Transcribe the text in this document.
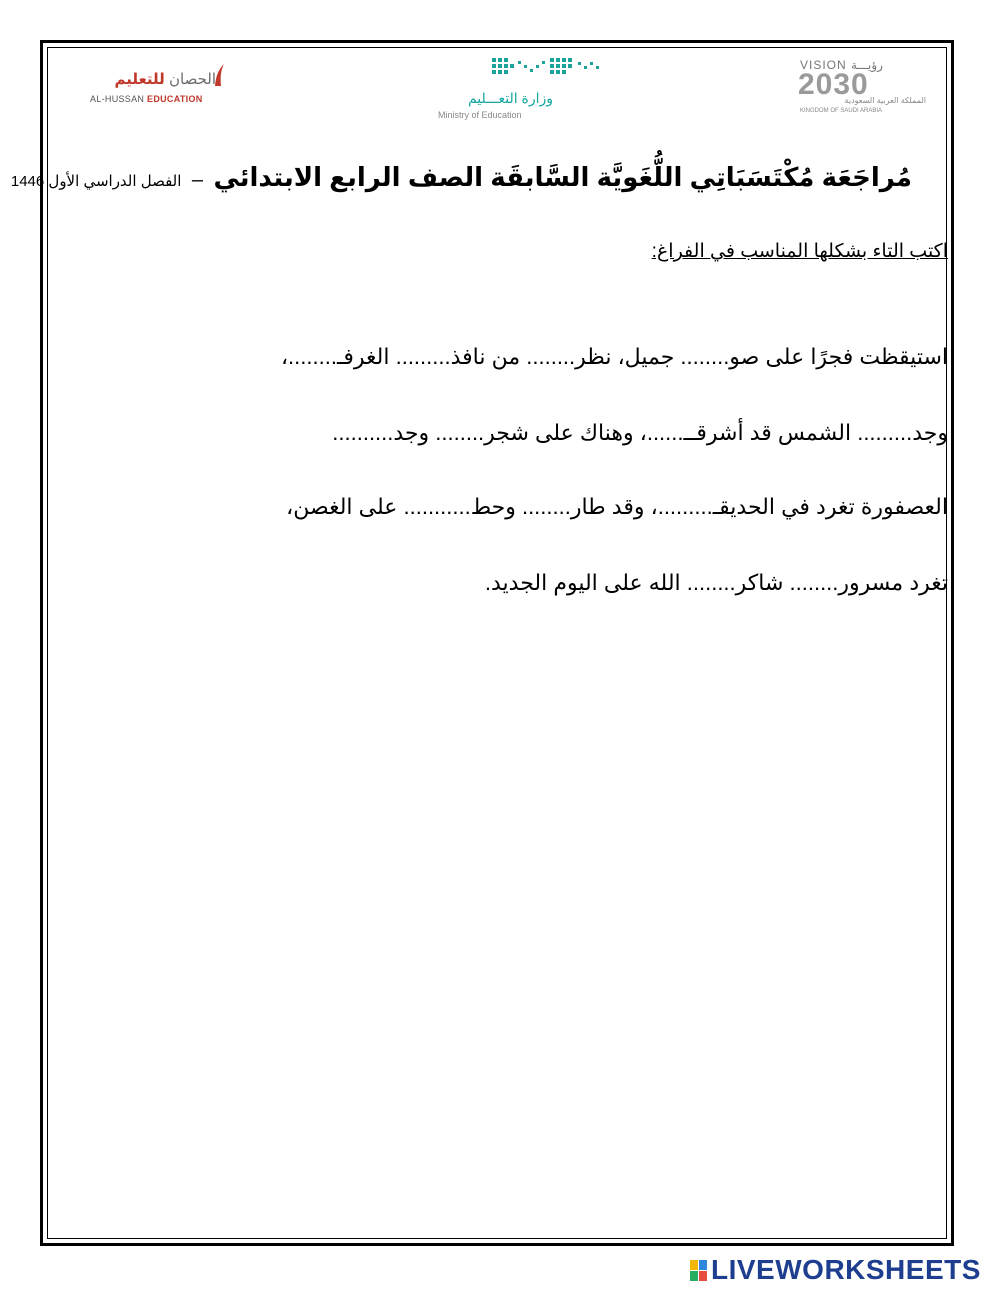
الحصان للتعليم
AL-HUSSAN EDUCATION	وزارة التعـــليم
Ministry of Education
VISION رؤيـــة
2030
المملكة العربية السعودية
KINGDOM OF SAUDI ARABIA
مُراجَعَة مُكْتَسَبَاتِي اللُّغَويَّة السَّابقَة الصف الرابع الابتدائي – الفصل الدراسي الأول 1446
اكتب التاء بشكلها المناسب في الفراغ:
استيقظت فجرًا على صو........ جميل، نظر........ من نافذ......... الغرفـ........،
وجد......... الشمس قد أشرقــ......، وهناك على شجر........ وجد..........
العصفورة تغرد في الحديقـ.........، وقد طار........ وحط........... على الغصن،
تغرد مسرور........ شاكر........ الله على اليوم الجديد.
LIVEWORKSHEETS
